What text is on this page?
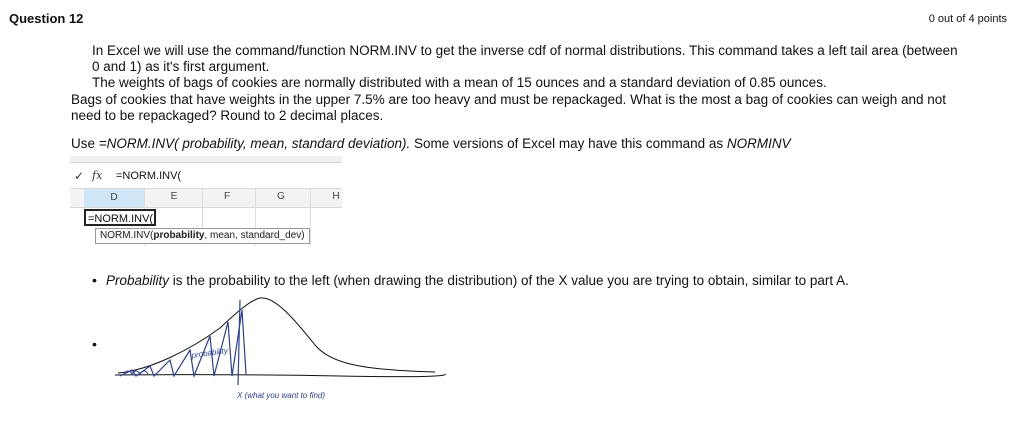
Question 12	0 out of 4 points
In Excel we will use the command/function NORM.INV to get the inverse cdf of normal distributions. This command takes a left tail area (between
0 and 1) as it's first argument.
The weights of bags of cookies are normally distributed with a mean of 15 ounces and a standard deviation of 0.85 ounces.
Bags of cookies that have weights in the upper 7.5% are too heavy and must be repackaged. What is the most a bag of cookies can weigh and not
need to be repackaged? Round to 2 decimal places.
Use =NORM.INV( probability, mean, standard deviation). Some versions of Excel may have this command as NORMINV
✓ fx =NORM.INV(
D	E	F	G	H
=NORM.INV(
NORM.INV(probability, mean, standard_dev)
• Probability is the probability to the left (when drawing the distribution) of the X value you are trying to obtain, similar to part A.
•
probability
X (what you want to find)
